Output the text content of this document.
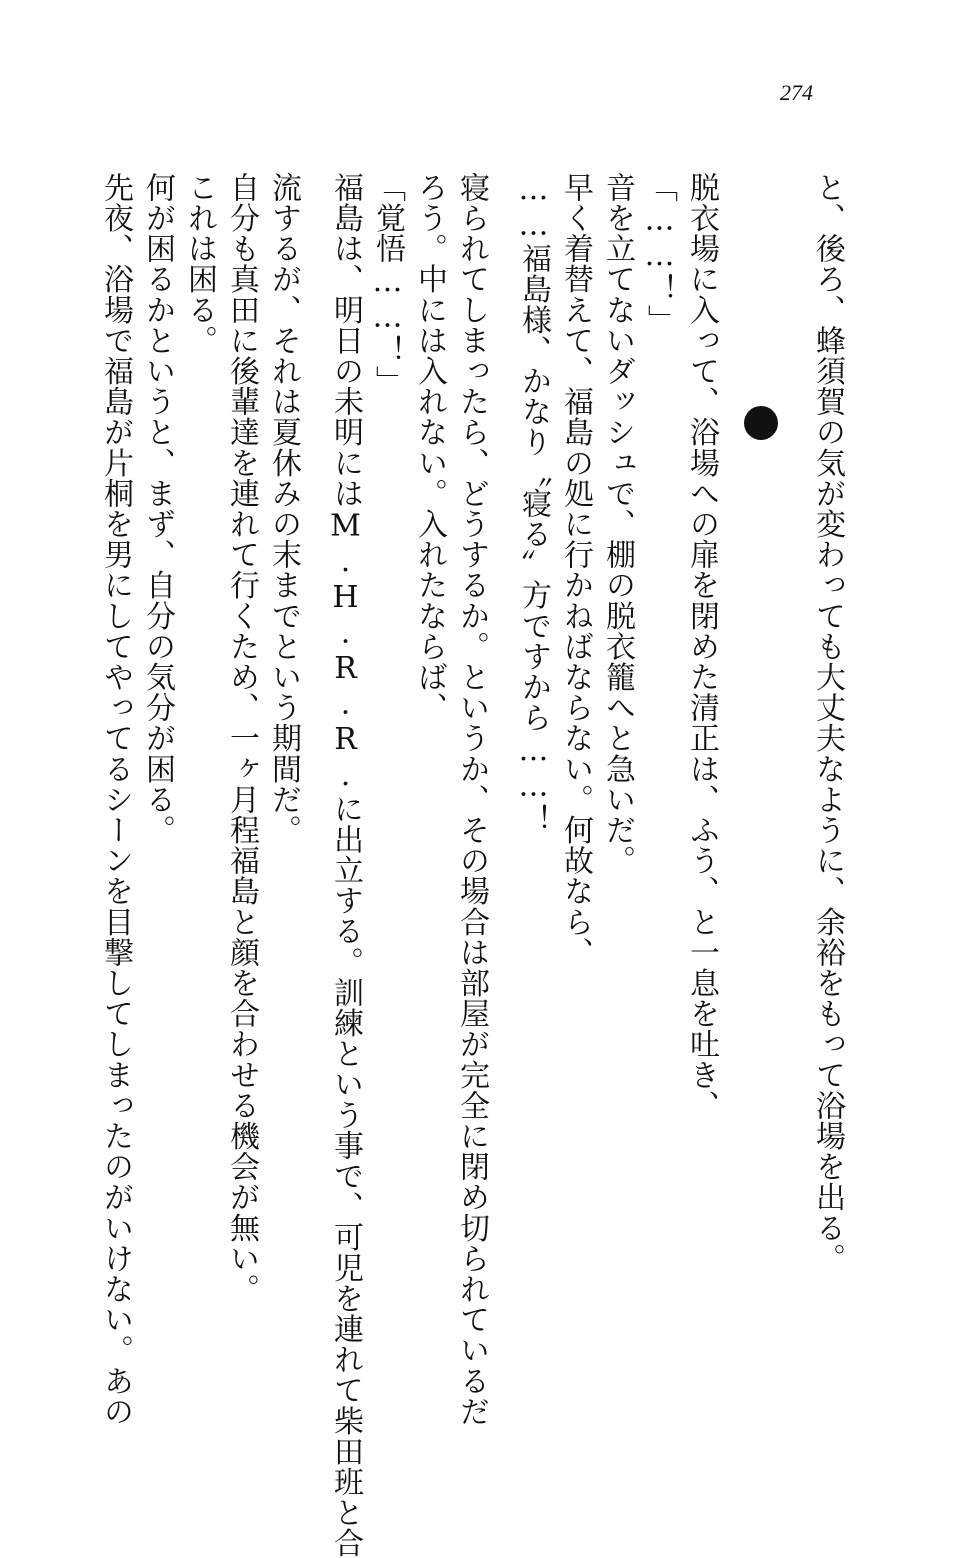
274
と、後ろ、蜂須賀の気が変わっても大丈夫なように、余裕をもって浴場を出る。
脱衣場に入って、浴場への扉を閉めた清正は、ふう、と一息を吐き、
「……！」
音を立てないダッシュで、棚の脱衣籠へと急いだ。
早く着替えて、福島の処に行かねばならない。何故なら、
……福島様、かなり〝寝る〟方ですから……！
寝られてしまったら、どうするか。というか、その場合は部屋が完全に閉め切られているだ
ろう。中には入れない。入れたならば、
「覚悟……！」
福島は、明日の未明にはM.H.R.R.に出立する。訓練という事で、可児を連れて柴田班と合
流するが、それは夏休みの末までという期間だ。
自分も真田に後輩達を連れて行くため、一ヶ月程福島と顔を合わせる機会が無い。
これは困る。
何が困るかというと、まず、自分の気分が困る。
先夜、浴場で福島が片桐を男にしてやってるシーンを目撃してしまったのがいけない。あの
